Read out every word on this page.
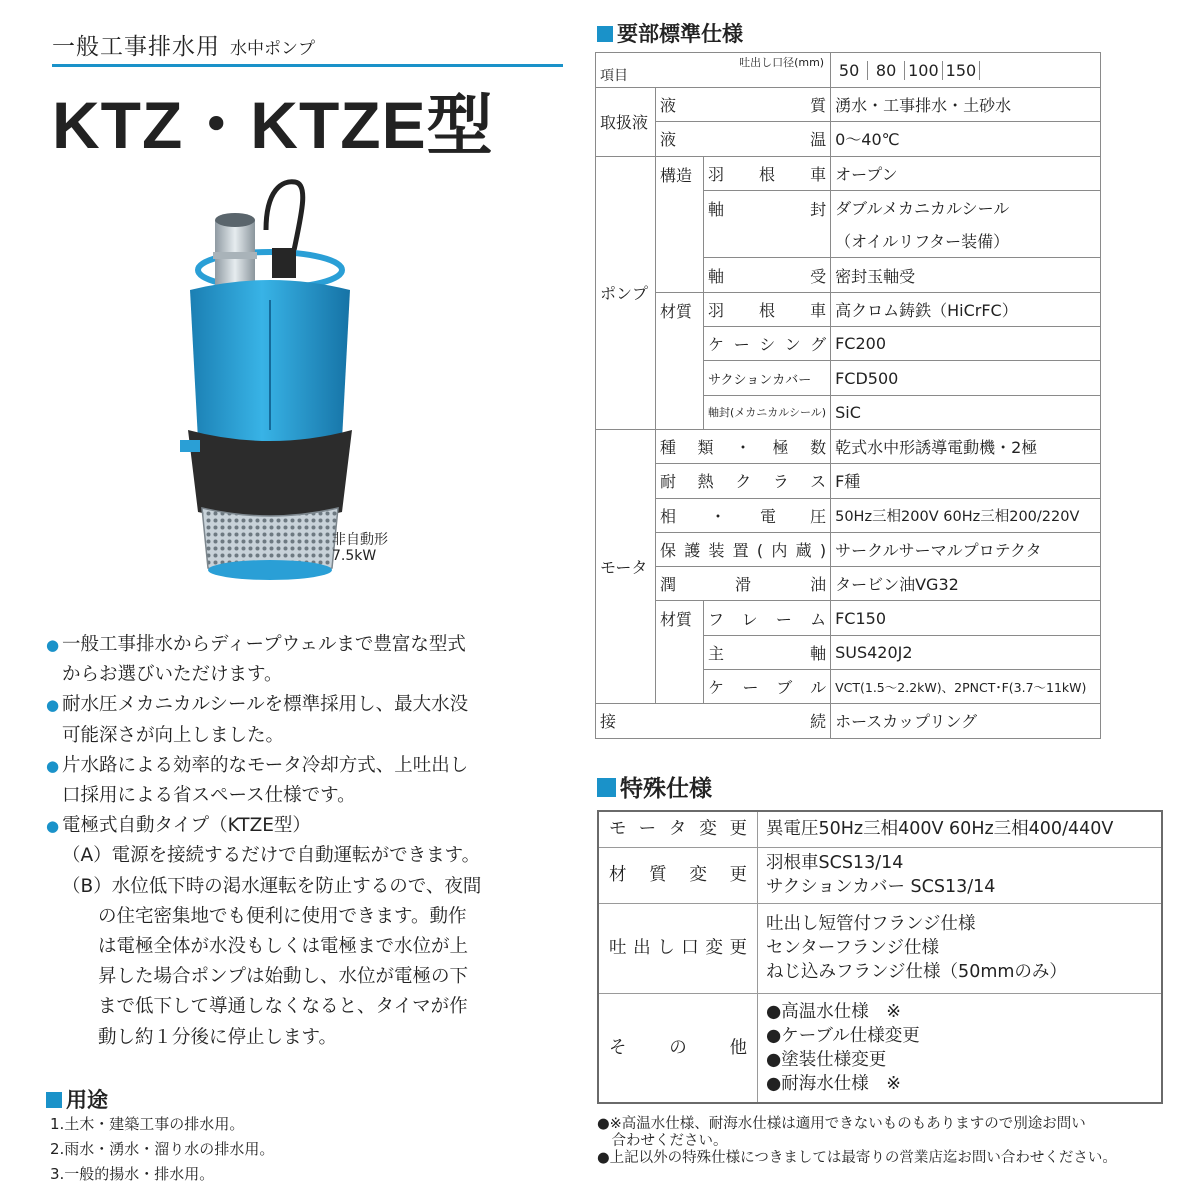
一般工事排水用 水中ポンプ
KTZ・KTZE型
非自動形
7.5kW
● 一般工事排水からディープウェルまで豊富な型式
からお選びいただけます。
● 耐水圧メカニカルシールを標準採用し、最大水没
可能深さが向上しました。
● 片水路による効率的なモータ冷却方式、上吐出し
口採用による省スペース仕様です。
● 電極式自動タイプ（KTZE型）
（A）電源を接続するだけで自動運転ができます。
（B）水位低下時の渇水運転を防止するので、夜間
の住宅密集地でも便利に使用できます。動作
は電極全体が水没もしくは電極まで水位が上
昇した場合ポンプは始動し、水位が電極の下
まで低下して導通しなくなると、タイマが作
動し約１分後に停止します。
用途
1.土木・建築工事の排水用。
2.雨水・湧水・溜り水の排水用。
3.一般的揚水・排水用。
要部標準仕様
吐出し口径(mm)
項目			50 80 100 150
取扱液	液　　　質		湧水・工事排水・土砂水
	液　　　温		0〜40℃
ポンプ	構造	羽　根　車	オープン
		軸　　　封	ダブルメカニカルシール
			（オイルリフター装備）
		軸　　　受	密封玉軸受
	材質	羽　根　車	高クロム鋳鉄（HiCrFC）
		ケーシング	FC200
		サクションカバー	FCD500
		軸封(メカニカルシール)	SiC
モータ	種類・極数		乾式水中形誘導電動機・2極
	耐熱クラス		F種
	相・電圧		50Hz三相200V 60Hz三相200/220V
	保護装置(内蔵)		サークルサーマルプロテクタ
	潤　滑　油		タービン油VG32
	材質	フレーム	FC150
		主　　　軸	SUS420J2
		ケーブル	VCT(1.5〜2.2kW)、2PNCT･F(3.7〜11kW)
接　　　　　　　　続			ホースカップリング
特殊仕様
モータ変更	異電圧50Hz三相400V 60Hz三相400/440V

材質変更	羽根車SCS13/14
サクションカバー SCS13/14

吐出し口変更	吐出し短管付フランジ仕様
センターフランジ仕様
ねじ込みフランジ仕様（50mmのみ）

その他	●高温水仕様　※
●ケーブル仕様変更
●塗装仕様変更
●耐海水仕様　※
●※高温水仕様、耐海水仕様は適用できないものもありますので別途お問い
　合わせください。
●上記以外の特殊仕様につきましては最寄りの営業店迄お問い合わせください。
